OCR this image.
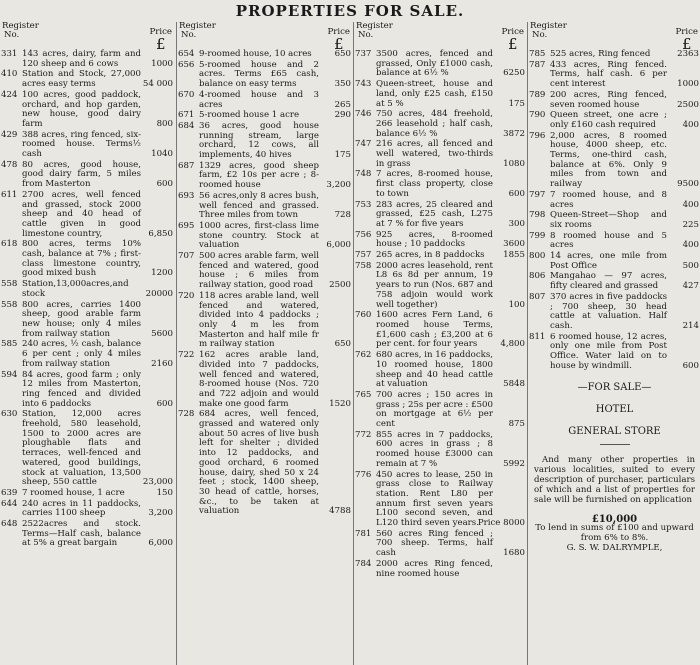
PROPERTIES FOR SALE.
Register
No.	Price
£
331 143 acres, dairy, farm and 120 sheep and 6 cows	1000
410 Station and Stock, 27,000 acres easy terms	54 000
424 100 acres, good paddock, orchard, and hop garden, new house, good dairy farm	800
429 388 acres, ring fenced, six-roomed house. Terms½ cash	1040
478 80 acres, good house, good dairy farm, 5 miles from Masterton	600
611 2700 acres, well fenced and grassed, stock 2000 sheep and 40 head of cattle given in good limestone country,	6,850
618 800 acres, terms 10% cash, balance at 7% ; first-class limestone country, good mixed bush	1200
558 Station,13,000acres,and stock	20000
558 800 acres, carries 1400 sheep, good arable farm new house; only 4 miles from railway station	5600
585 240 acres, ½ cash, balance 6 per cent ; only 4 miles from railway station	2160
594 84 acres, good farm ; only 12 miles from Masterton, ring fenced and divided into 6 paddocks	600
630 Station, 12,000 acres freehold, 580 leasehold, 1500 to 2000 acres are ploughable flats and terraces, well-fenced and watered, good buildings, stock at valuation, 13,500 sheep, 550 cattle	23,000
639 7 roomed house, 1 acre	150
644 240 acres in 11 paddocks, carries 1100 sheep	3,200
648 2522acres and stock. Terms—Half cash, balance at 5% a great bargain	6,000
Register
No.	Price
£
654 9-roomed house, 10 acres	650
656 5-roomed house and 2 acres. Terms £65 cash, balance on easy terms	350
670 4-roomed house and 3 acres	265
671 5-roomed house 1 acre	290
684 36 acres, good house running stream, large orchard, 12 cows, all implements, 40 hives	175
687 1329 acres, good sheep farm, £2 10s per acre ; 8-roomed house	3,200
693 56 acres,only 8 acres bush, well fenced and grassed. Three miles from town	728
695 1000 acres, first-class lime stone country. Stock at valuation	6,000
707 500 acres arable farm, well fenced and watered, good house ; 6 miles from railway station, good road	2500
720 118 acres arable land, well fenced and watered, divided into 4 paddocks ; only 4 m les from Masterton and half mile fr m railway station	650
722 162 acres arable land, divided into 7 paddocks, well fenced and watered, 8-roomed house (Nos. 720 and 722 adjoin and would make one good farm	1520
728 684 acres, well fenced, grassed and watered only about 50 acres of live bush left for shelter ; divided into 12 paddocks, and good orchard, 6 roomed house, dairy, shed 50 x 24 feet ; stock, 1400 sheep, 30 head of cattle, horses, &c., to be taken at valuation	4788
Register
No.	Price
£
737 3500 acres, fenced and grassed, Only £1000 cash, balance at 6½ %	6250
743 Queen-street, house and land, only £25 cash, £150 at 5 %	175
746 750 acres, 484 freehold, 266 leasehold ; half cash, balance 6½ %	3872
747 216 acres, all fenced and well watered, two-thirds in grass	1080
748 7 acres, 8-roomed house, first class property, close to town	600
753 283 acres, 25 cleared and grassed, £25 cash, L275 at 7 % for five years	300
756 925 acres, 8-roomed house ; 10 paddocks	3600
757 265 acres, in 8 paddocks	1855
758 2000 acres leasehold, rent L8 6s 8d per annum, 19 years to run (Nos. 687 and 758 adjoin would work well together)	100
760 1600 acres Fern Land, 6 roomed house Terms, £1,600 cash ; £3,200 at 6 per cent. for four years	4,800
762 680 acres, in 16 paddocks, 10 roomed house, 1800 sheep and 40 head cattle at valuation	5848
765 700 acres ; 150 acres in grass ; 25s per acre : £500 on mortgage at 6½ per cent	875
772 855 acres in 7 paddocks, 600 acres in grass ; 8 roomed house £3000 can remain at 7 %	5992
776 450 acres to lease, 250 in grass close to Railway station. Rent L80 per annum first seven years L100 second seven, and L120 third seven years.
Price 8000
781 560 acres Ring fenced ; 700 sheep. Terms, half cash	1680
784 2000 acres Ring fenced, nine roomed house
Register
No.	Price
£
785 525 acres, Ring fenced	2363
787 433 acres, Ring fenced. Terms, half cash. 6 per cent interest	1000
789 200 acres, Ring fenced, seven roomed house	2500
790 Queen street, one acre ; only £160 cash required	400
796 2,000 acres, 8 roomed house, 4000 sheep, etc. Terms, one-third cash, balance at 6%. Only 9 miles from town and railway	9500
797 7 roomed house, and 8 acres	400
798 Queen-Street—Shop and six rooms	225
799 8 roomed house and 5 acres	400
800 14 acres, one mile from Post Office	500
806 Mangahao — 97 acres, fifty cleared and grassed	427
807 370 acres in five paddocks ; 700 sheep, 30 head cattle at valuation. Half cash.	214
811 6 roomed house, 12 acres, only one mile from Post Office. Water laid on to house by windmill.	600
—FOR SALE—
HOTEL
GENERAL STORE
And many other properties in various localities, suited to every description of purchaser, particulars of which and a list of properties for sale will be furnished on application
£10,000
To lend in sums of £100 and upward from 6% to 8%.
G. S. W. DALRYMPLE,
